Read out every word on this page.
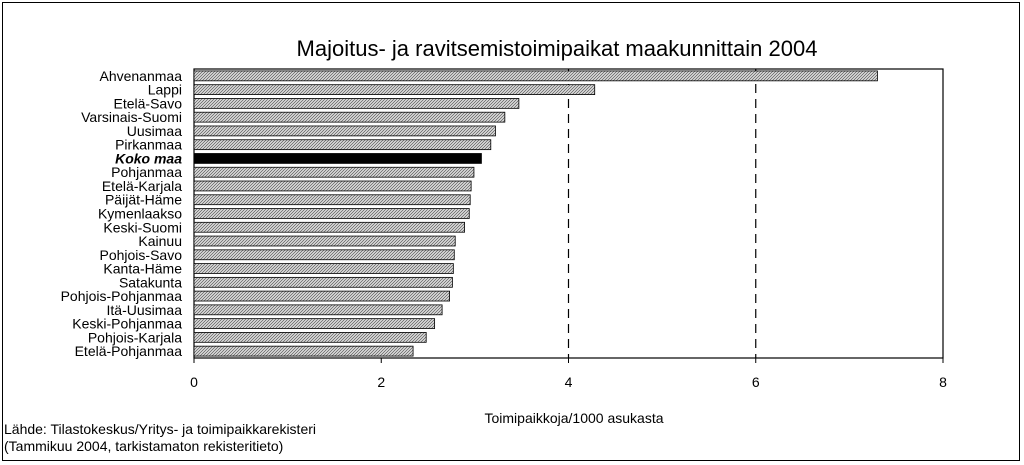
Majoitus- ja ravitsemistoimipaikat maakunnittain 2004
Ahvenanmaa
Lappi
Etelä-Savo
Varsinais-Suomi
Uusimaa
Pirkanmaa
Koko maa
Pohjanmaa
Etelä-Karjala
Päijät-Häme
Kymenlaakso
Keski-Suomi
Kainuu
Pohjois-Savo
Kanta-Häme
Satakunta
Pohjois-Pohjanmaa
Itä-Uusimaa
Keski-Pohjanmaa
Pohjois-Karjala
Etelä-Pohjanmaa
0	2	4	6	8
Toimipaikkoja/1000 asukasta
Lähde: Tilastokeskus/Yritys- ja toimipaikkarekisteri
(Tammikuu 2004, tarkistamaton rekisteritieto)
